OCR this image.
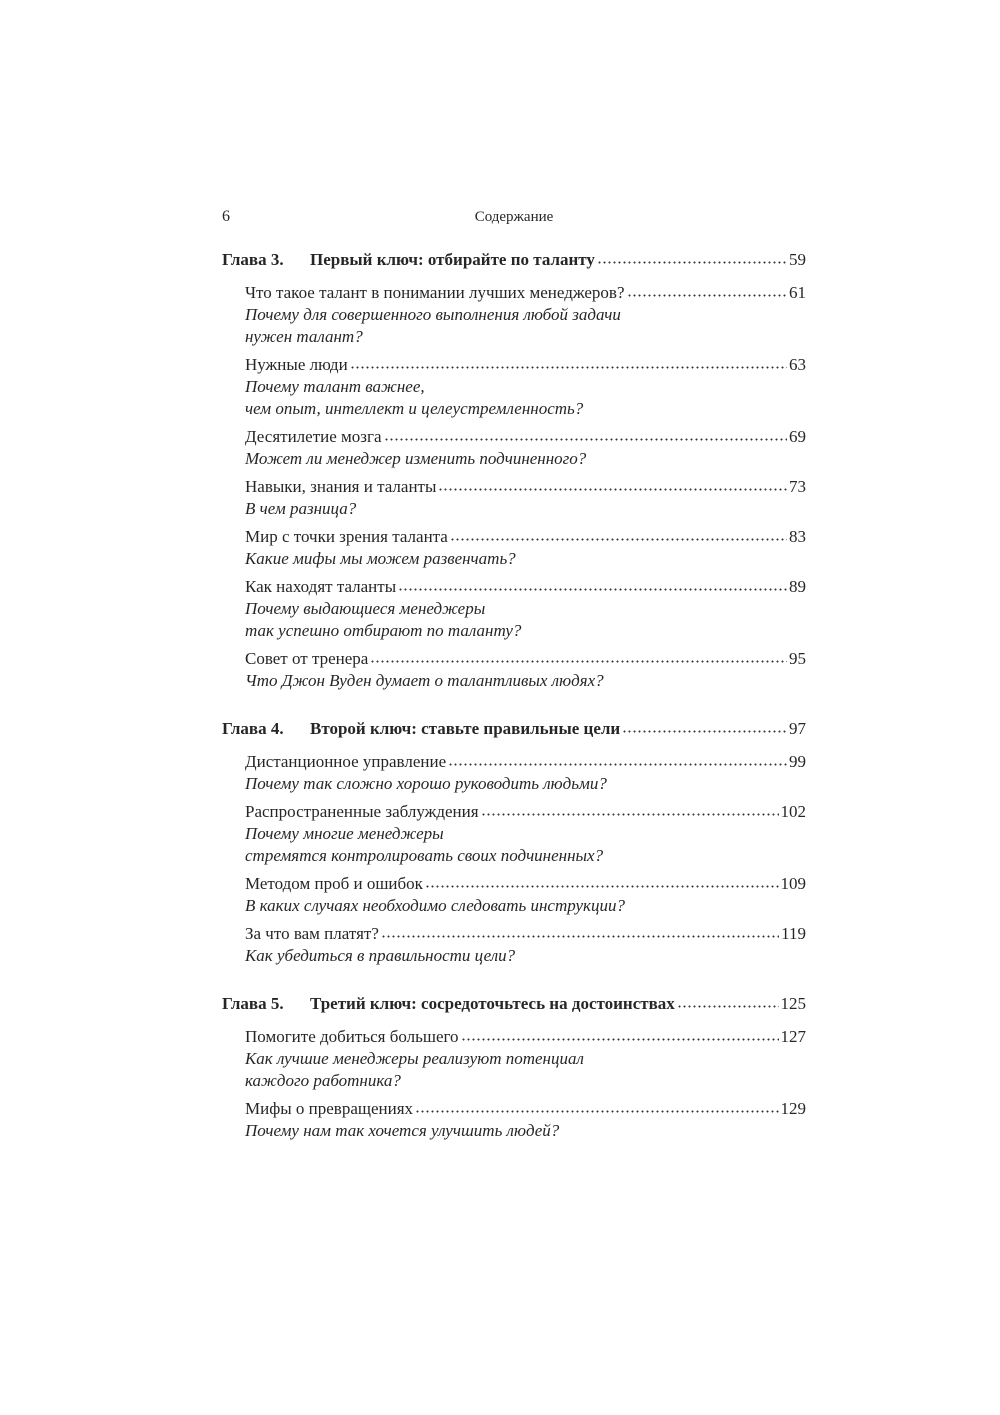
6	Содержание
Глава 3.	Первый ключ: отбирайте по таланту	59
Что такое талант в понимании лучших менеджеров?	61
Почему для совершенного выполнения любой задачи
нужен талант?
Нужные люди	63
Почему талант важнее,
чем опыт, интеллект и целеустремленность?
Десятилетие мозга	69
Может ли менеджер изменить подчиненного?
Навыки, знания и таланты	73
В чем разница?
Мир с точки зрения таланта	83
Какие мифы мы можем развенчать?
Как находят таланты	89
Почему выдающиеся менеджеры
так успешно отбирают по таланту?
Совет от тренера	95
Что Джон Вуден думает о талантливых людях?
Глава 4.	Второй ключ: ставьте правильные цели	97
Дистанционное управление	99
Почему так сложно хорошо руководить людьми?
Распространенные заблуждения	102
Почему многие менеджеры
стремятся контролировать своих подчиненных?
Методом проб и ошибок	109
В каких случаях необходимо следовать инструкции?
За что вам платят?	119
Как убедиться в правильности цели?
Глава 5.	Третий ключ: сосредоточьтесь на достоинствах	125
Помогите добиться большего	127
Как лучшие менеджеры реализуют потенциал
каждого работника?
Мифы о превращениях	129
Почему нам так хочется улучшить людей?
